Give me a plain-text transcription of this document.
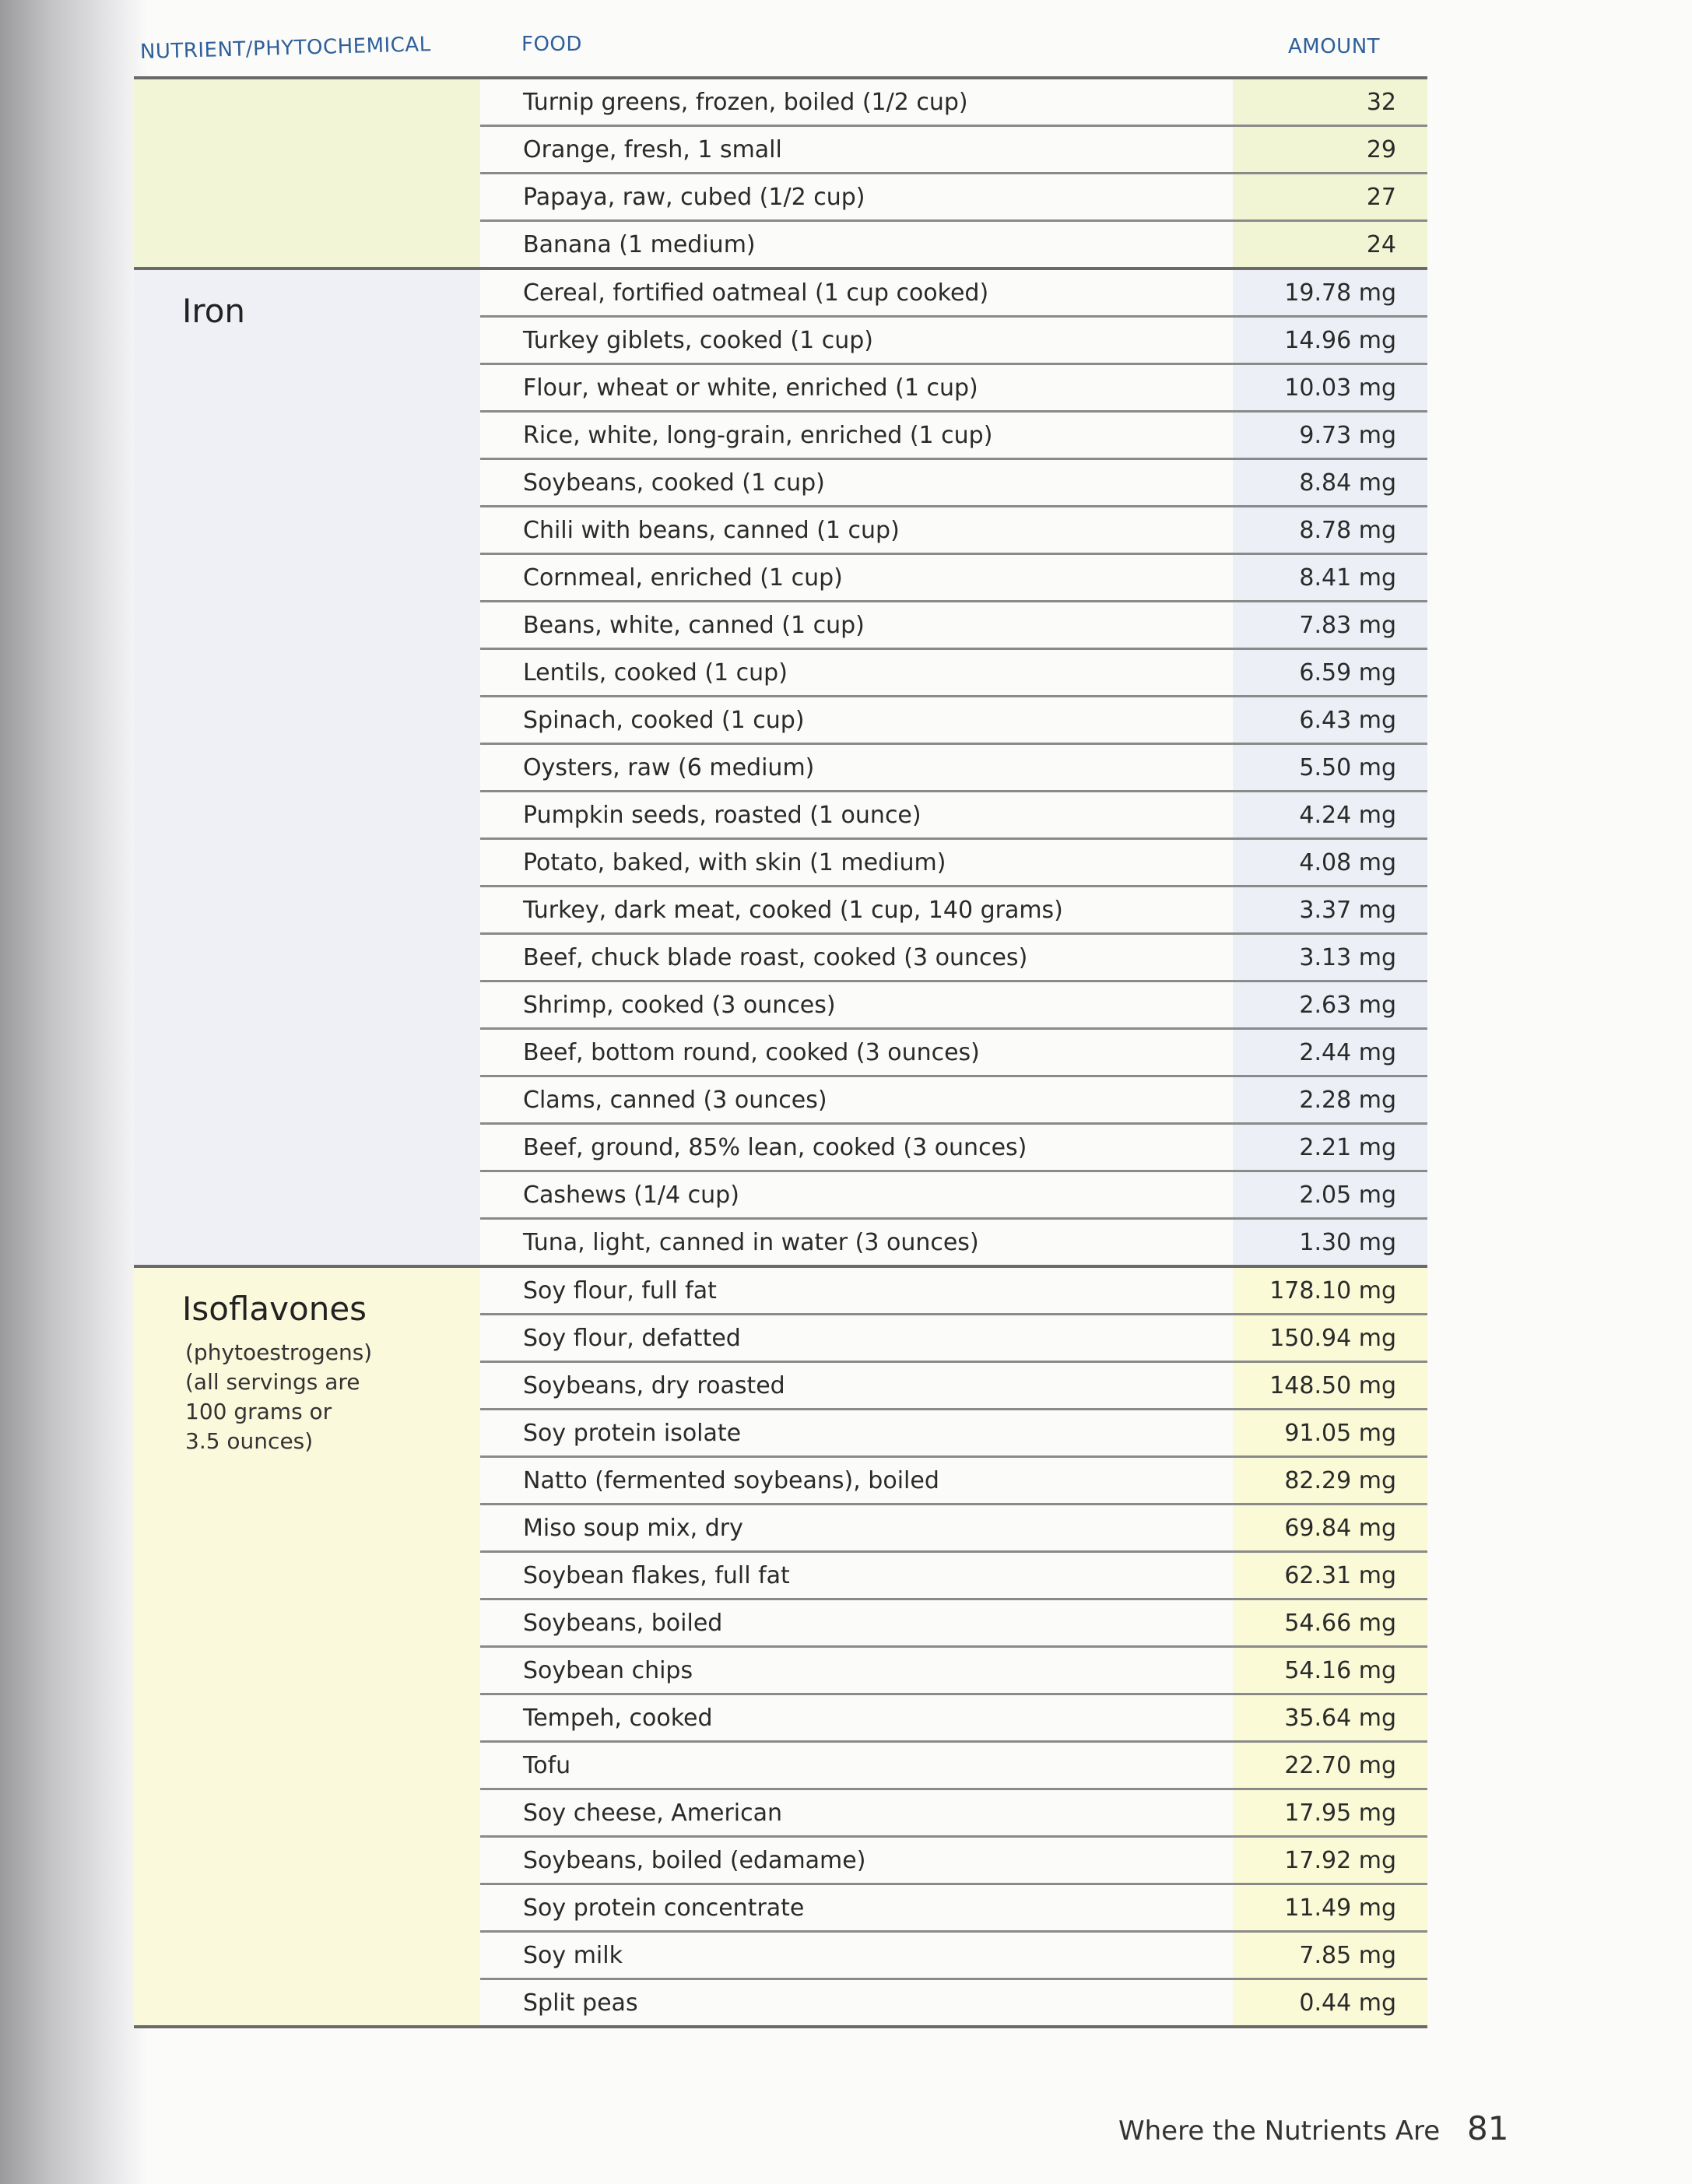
NUTRIENT/PHYTOCHEMICAL	FOOD	AMOUNT
Turnip greens, frozen, boiled (1/2 cup)	32
Orange, fresh, 1 small	29
Papaya, raw, cubed (1/2 cup)	27
Banana (1 medium)	24
Iron	Cereal, fortified oatmeal (1 cup cooked)	19.78 mg
Turkey giblets, cooked (1 cup)	14.96 mg
Flour, wheat or white, enriched (1 cup)	10.03 mg
Rice, white, long-grain, enriched (1 cup)	9.73 mg
Soybeans, cooked (1 cup)	8.84 mg
Chili with beans, canned (1 cup)	8.78 mg
Cornmeal, enriched (1 cup)	8.41 mg
Beans, white, canned (1 cup)	7.83 mg
Lentils, cooked (1 cup)	6.59 mg
Spinach, cooked (1 cup)	6.43 mg
Oysters, raw (6 medium)	5.50 mg
Pumpkin seeds, roasted (1 ounce)	4.24 mg
Potato, baked, with skin (1 medium)	4.08 mg
Turkey, dark meat, cooked (1 cup, 140 grams)	3.37 mg
Beef, chuck blade roast, cooked (3 ounces)	3.13 mg
Shrimp, cooked (3 ounces)	2.63 mg
Beef, bottom round, cooked (3 ounces)	2.44 mg
Clams, canned (3 ounces)	2.28 mg
Beef, ground, 85% lean, cooked (3 ounces)	2.21 mg
Cashews (1/4 cup)	2.05 mg
Tuna, light, canned in water (3 ounces)	1.30 mg
Isoflavones
(phytoestrogens)
(all servings are
100 grams or
3.5 ounces)
Soy flour, full fat	178.10 mg
Soy flour, defatted	150.94 mg
Soybeans, dry roasted	148.50 mg
Soy protein isolate	91.05 mg
Natto (fermented soybeans), boiled	82.29 mg
Miso soup mix, dry	69.84 mg
Soybean flakes, full fat	62.31 mg
Soybeans, boiled	54.66 mg
Soybean chips	54.16 mg
Tempeh, cooked	35.64 mg
Tofu	22.70 mg
Soy cheese, American	17.95 mg
Soybeans, boiled (edamame)	17.92 mg
Soy protein concentrate	11.49 mg
Soy milk	7.85 mg
Split peas	0.44 mg
Where the Nutrients Are 81
